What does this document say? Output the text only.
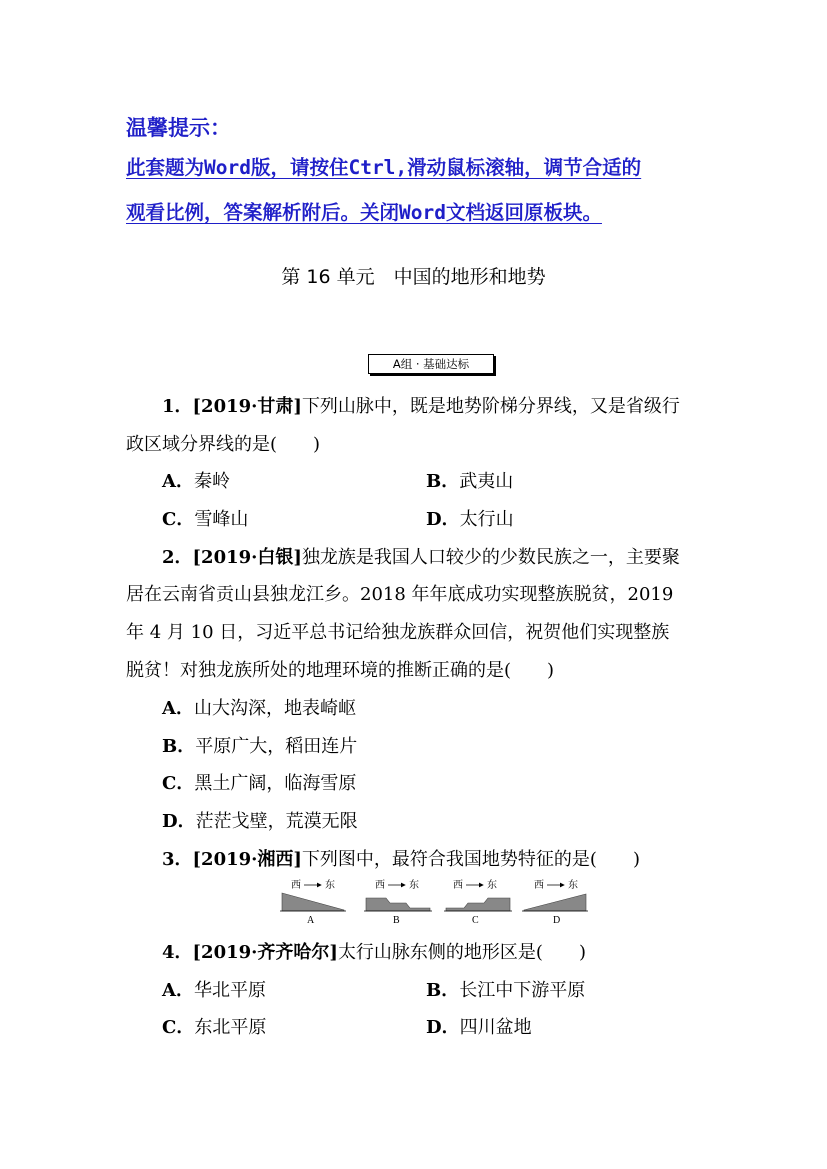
温馨提示：
此套题为Word版，请按住Ctrl,滑动鼠标滚轴，调节合适的
观看比例，答案解析附后。关闭Word文档返回原板块。
第 16 单元　中国的地形和地势
A组 · 基础达标
1．[2019·甘肃]下列山脉中，既是地势阶梯分界线，又是省级行
政区域分界线的是(　　)
A．秦岭	B．武夷山
C．雪峰山	D．太行山
2．[2019·白银]独龙族是我国人口较少的少数民族之一，主要聚
居在云南省贡山县独龙江乡。2018 年年底成功实现整族脱贫，2019
年 4 月 10 日，习近平总书记给独龙族群众回信，祝贺他们实现整族
脱贫！对独龙族所处的地理环境的推断正确的是(　　)
A．山大沟深，地表崎岖
B．平原广大，稻田连片
C．黑土广阔，临海雪原
D．茫茫戈壁，荒漠无限
3．[2019·湘西]下列图中，最符合我国地势特征的是(　　)
西 东
A
西 东
B
西 东
C
西 东
D
4．[2019·齐齐哈尔]太行山脉东侧的地形区是(　　)
A．华北平原	B．长江中下游平原
C．东北平原	D．四川盆地
